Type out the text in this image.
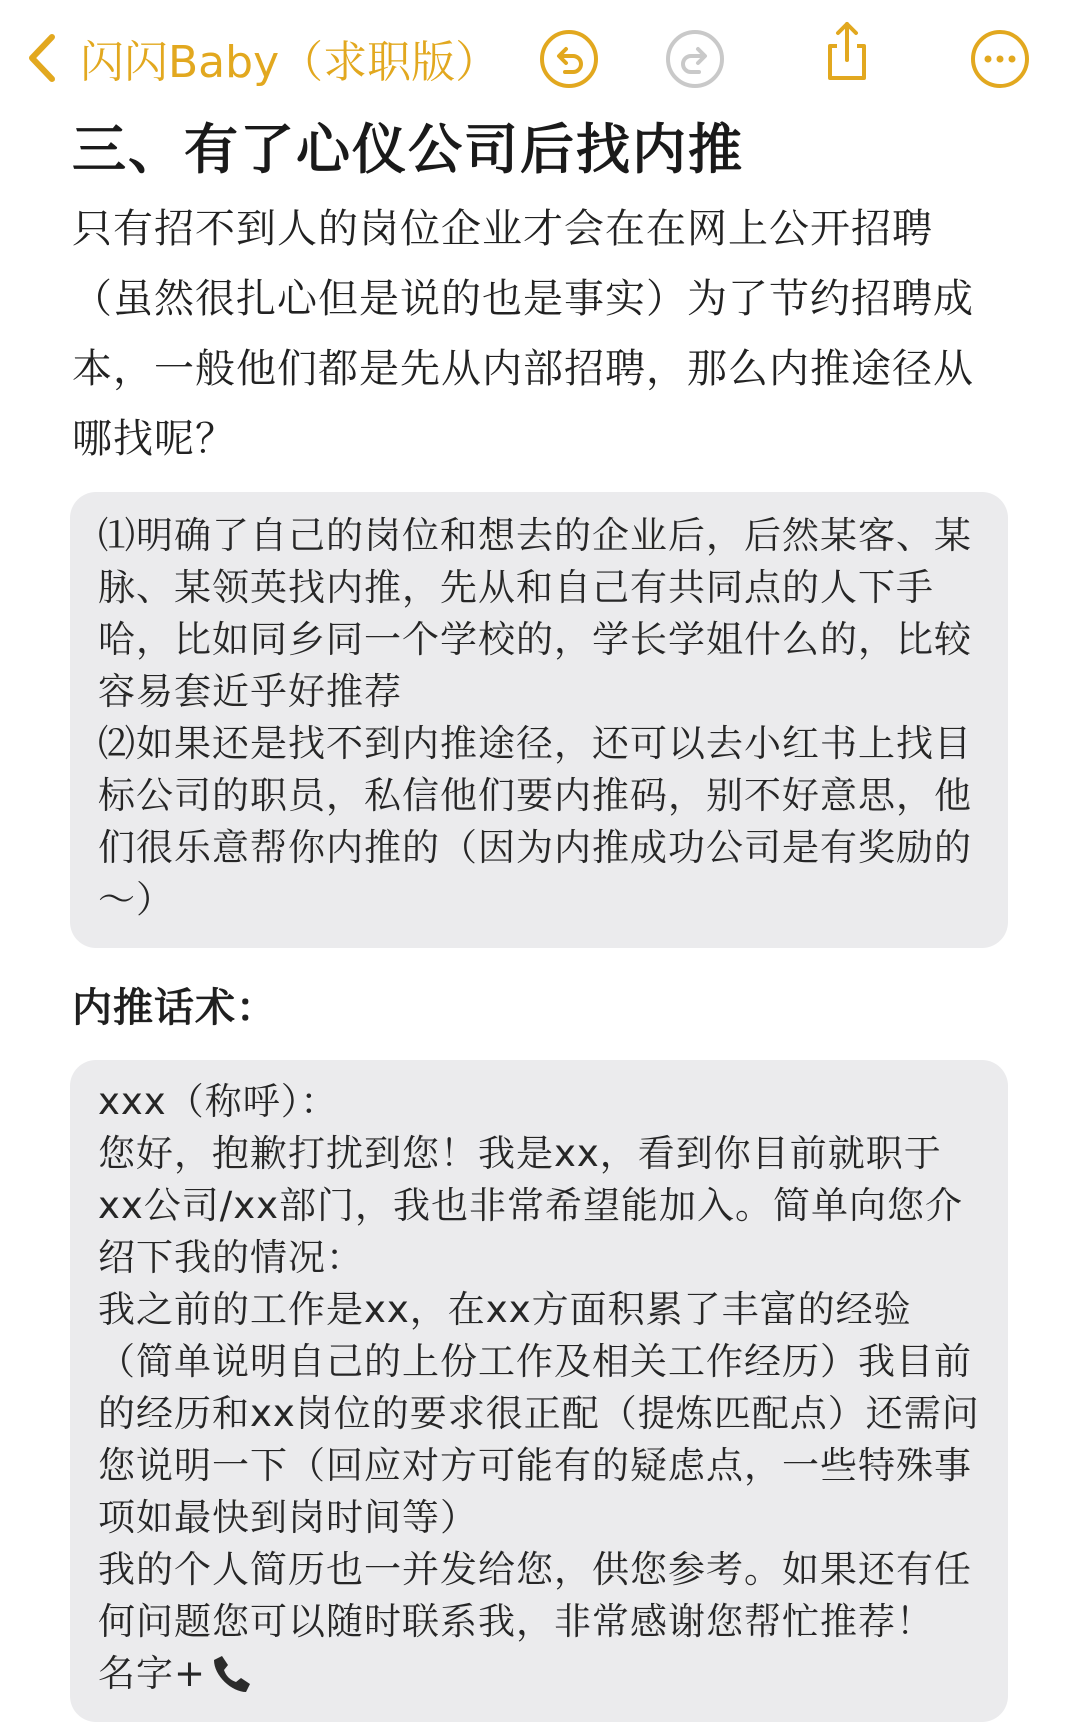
闪闪Baby（求职版）
三、有了心仪公司后找内推

只有招不到人的岗位企业才会在在网上公开招聘（虽然很扎心但是说的也是事实）为了节约招聘成本，一般他们都是先从内部招聘，那么内推途径从哪找呢？

⑴明确了自己的岗位和想去的企业后，后然某客、某脉、某领英找内推，先从和自己有共同点的人下手哈，比如同乡同一个学校的，学长学姐什么的，比较容易套近乎好推荐

⑵如果还是找不到内推途径，还可以去小红书上找目标公司的职员，私信他们要内推码，别不好意思，他们很乐意帮你内推的（因为内推成功公司是有奖励的～）

内推话术：

xxx（称呼）：

您好，抱歉打扰到您！我是xx，看到你目前就职于xx公司/xx部门，我也非常希望能加入。简单向您介绍下我的情况：

我之前的工作是xx，在xx方面积累了丰富的经验（简单说明自己的上份工作及相关工作经历）我目前的经历和xx岗位的要求很正配（提炼匹配点）还需问您说明一下（回应对方可能有的疑虑点，一些特殊事项如最快到岗时间等）

我的个人简历也一并发给您，供您参考。如果还有任何问题您可以随时联系我，非常感谢您帮忙推荐！

名字+
